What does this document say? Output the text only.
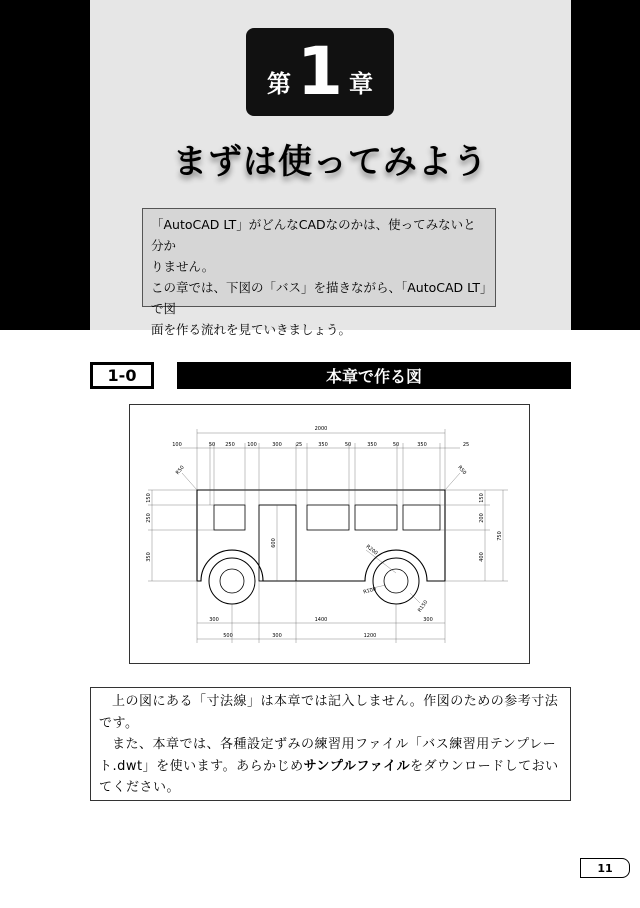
第 1 章
まずは使ってみよう
「AutoCAD LT」がどんなCADなのかは、使ってみないと分か
りません。
この章では、下図の「バス」を描きながら、「AutoCAD LT」で図
面を作る流れを見ていきましょう。
1-0	本章で作る図
2000
100	50 250 100	300	25	350	50	350	50	350	25
150
250
350
150
200
400
750
600
300	1400	300
500	300	1200
R50	R50
R200
R100
R150

上の図にある「寸法線」は本章では記入しません。作図のための参考寸法です。

また、本章では、各種設定ずみの練習用ファイル「バス練習用テンプレート.dwt」を使います。あらかじめサンプルファイルをダウンロードしておいてください。

11
